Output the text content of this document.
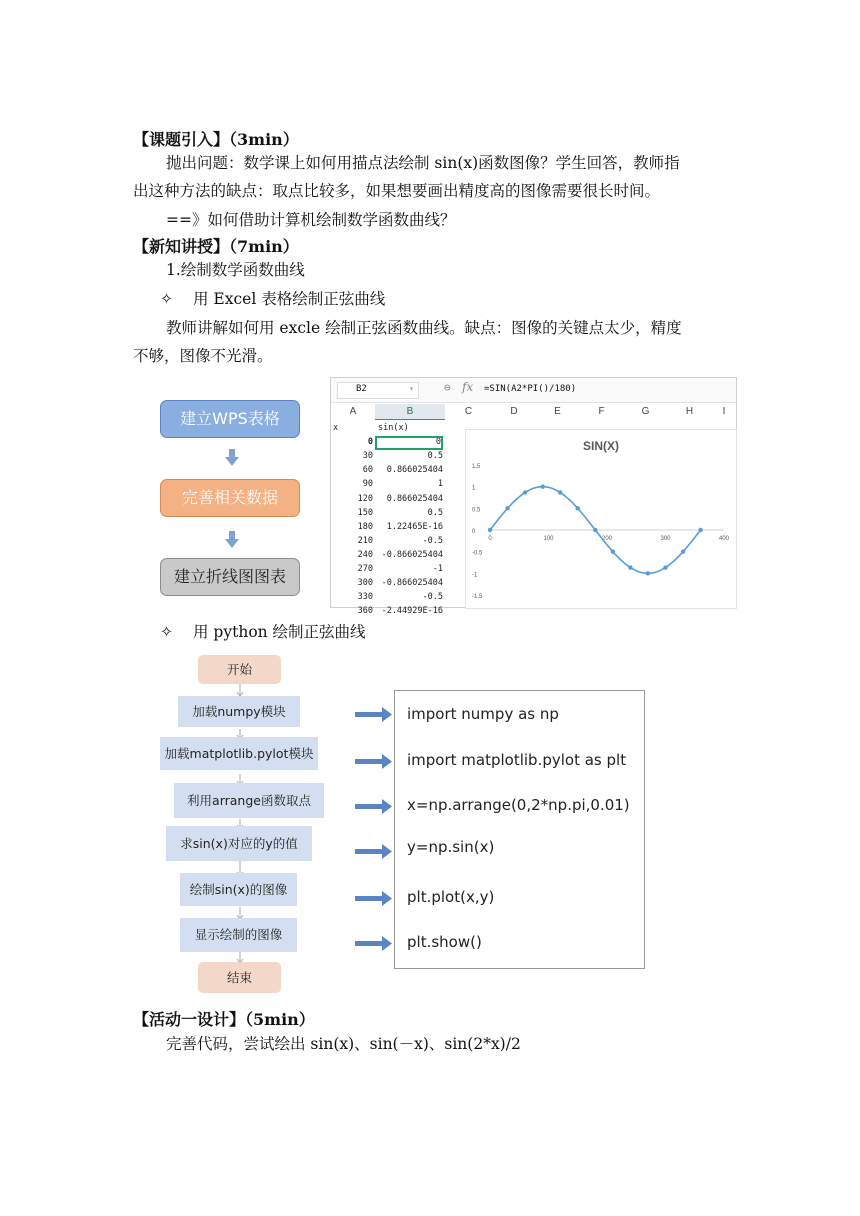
【课题引入】（3min）
抛出问题：数学课上如何用描点法绘制 sin(x)函数图像？学生回答，教师指
出这种方法的缺点：取点比较多，如果想要画出精度高的图像需要很长时间。
==》如何借助计算机绘制数学函数曲线？
【新知讲授】（7min）
1.绘制数学函数曲线
✧ 用 Excel 表格绘制正弦曲线
教师讲解如何用 excle 绘制正弦函数曲线。缺点：图像的关键点太少，精度
不够，图像不光滑。
建立WPS表格
完善相关数据
建立折线图图表
B2	▾	⊖ fx =SIN(A2*PI()/180)
A	B	C	D	E	F	G	H	I
x	sin(x)
0	0
30	0.5
60	0.866025404
90	1
120	0.866025404
150	0.5
180	1.22465E-16
210	-0.5
240	-0.866025404
270	-1
300	-0.866025404
330	-0.5
360	-2.44929E-16
SIN(X)
1.5
1
0.5
0
-0.5
-1
-1.5
0	100	200	300	400
✧ 用 python 绘制正弦曲线
开始
加载numpy模块
加载matplotlib.pylot模块
利用arrange函数取点
求sin(x)对应的y的值
绘制sin(x)的图像
显示绘制的图像
结束
import numpy as np
import matplotlib.pylot as plt
x=np.arrange(0,2*np.pi,0.01)
y=np.sin(x)
plt.plot(x,y)
plt.show()
【活动一设计】（5min）
完善代码，尝试绘出 sin(x)、sin(－x)、sin(2*x)/2
